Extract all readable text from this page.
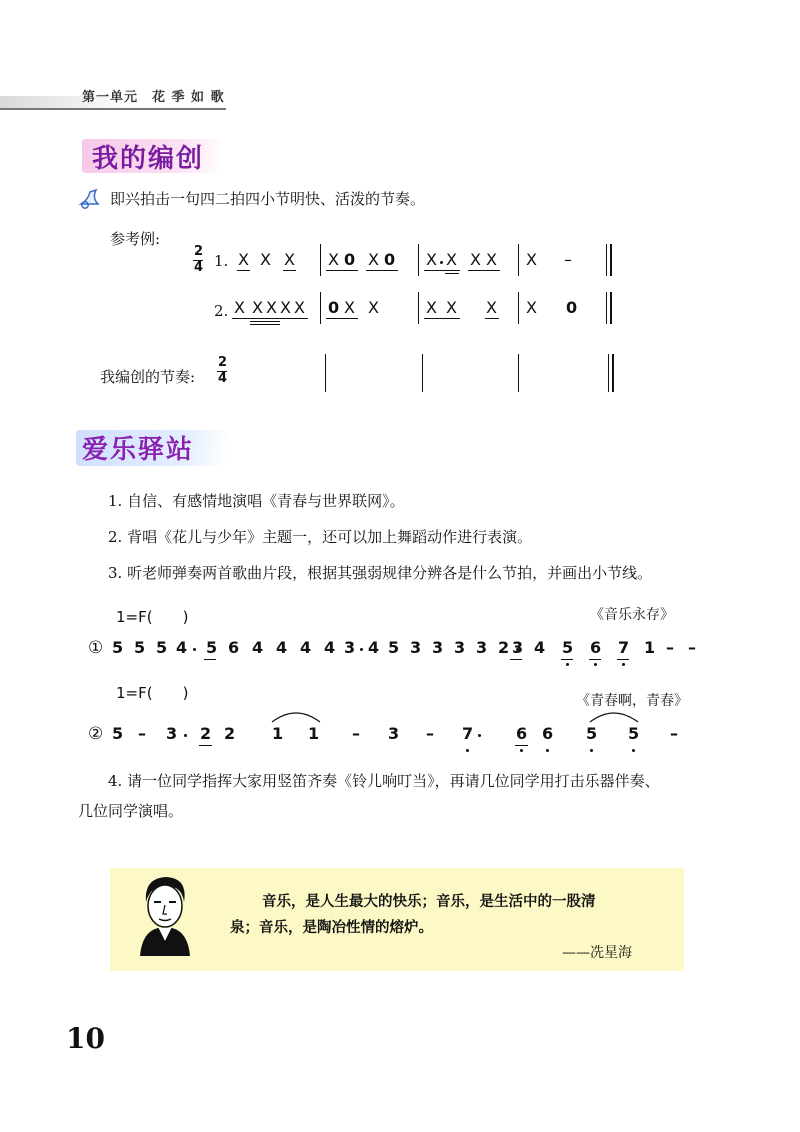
第一单元　花 季 如 歌
我的编创
即兴拍击一句四二拍四小节明快、活泼的节奏。
参考例:
2
4 1. X X X X 0 X 0 X X X X X –
2. X X X X X 0 X X	X X X X 0
我编创的节奏:
2
4
爱乐驿站
1. 自信、有感情地演唱《青春与世界联网》。
2. 背唱《花儿与少年》主题一，还可以加上舞蹈动作进行表演。
3. 听老师弹奏两首歌曲片段，根据其强弱规律分辨各是什么节拍，并画出小节线。
1=F(　　)	《音乐永存》
① 5 5 5 4 5 6 4 4 4 4 3 4 5 3 3 3 3 2 3 4 5 6 7 1 – –
1=F(　　)	《青春啊，青春》
② 5 – 3 2 2 1 1 – 3 – 7	6 6 5 5 –
4. 请一位同学指挥大家用竖笛齐奏《铃儿响叮当》，再请几位同学用打击乐器伴奏、
几位同学演唱。
音乐，是人生最大的快乐；音乐，是生活中的一股清
泉；音乐，是陶冶性情的熔炉。
——冼星海
10
